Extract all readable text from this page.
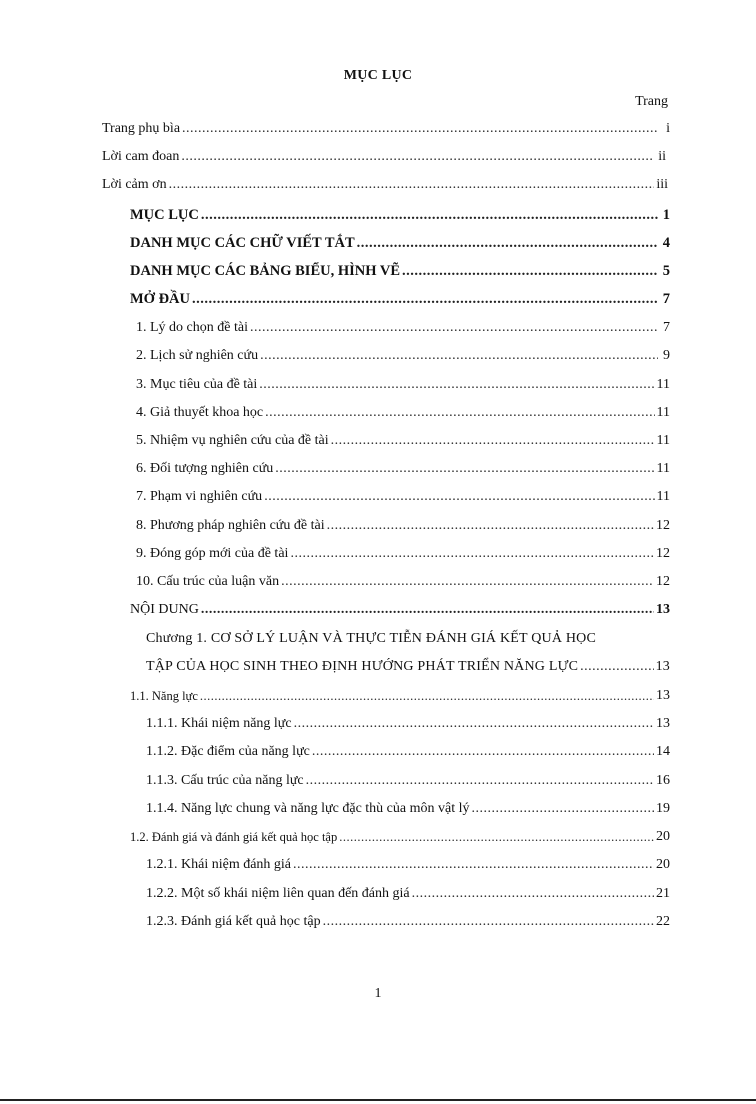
MỤC LỤC
Trang
Trang phụ bìa .....	i
Lời cam đoan .....	ii
Lời cảm ơn .....	iii
MỤC LỤC .....	1
DANH MỤC CÁC CHỮ VIẾT TẮT .....	4
DANH MỤC CÁC BẢNG BIỂU, HÌNH VẼ .....	5
MỞ ĐẦU .....	7
1. Lý do chọn đề tài .....	7
2. Lịch sử nghiên cứu .....	9
3. Mục tiêu của đề tài .....	11
4. Giả thuyết khoa học .....	11
5. Nhiệm vụ nghiên cứu của đề tài .....	11
6. Đối tượng nghiên cứu .....	11
7. Phạm vi nghiên cứu .....	11
8. Phương pháp nghiên cứu đề tài .....	12
9. Đóng góp mới của đề tài .....	12
10. Cấu trúc của luận văn .....	12
NỘI DUNG .....	13
Chương 1. CƠ SỞ LÝ LUẬN VÀ THỰC TIỄN ĐÁNH GIÁ KẾT QUẢ HỌC
TẬP CỦA HỌC SINH THEO ĐỊNH HƯỚNG PHÁT TRIỂN NĂNG LỰC .....	13
1.1. Năng lực .....	13
1.1.1. Khái niệm năng lực .....	13
1.1.2. Đặc điểm của năng lực .....	14
1.1.3. Cấu trúc của năng lực .....	16
1.1.4. Năng lực chung và năng lực đặc thù của môn vật lý .....	19
1.2. Đánh giá và đánh giá kết quả học tập .....	20
1.2.1. Khái niệm đánh giá .....	20
1.2.2. Một số khái niệm liên quan đến đánh giá .....	21
1.2.3. Đánh giá kết quả học tập .....	22
1
